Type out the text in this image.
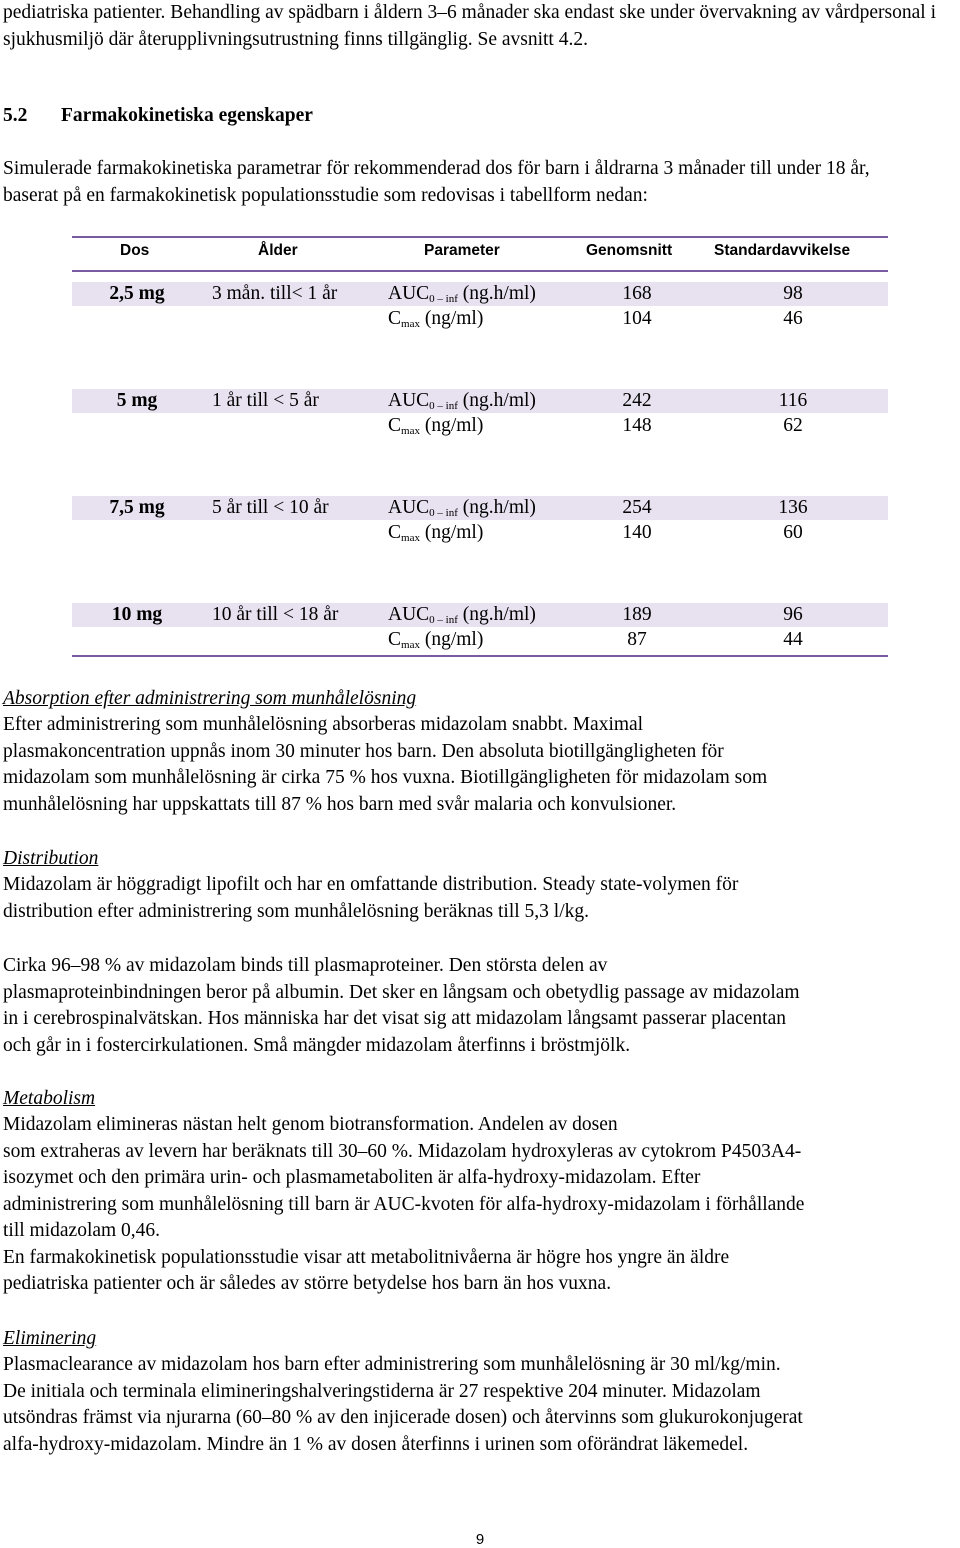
pediatriska patienter. Behandling av spädbarn i åldern 3–6 månader ska endast ske under övervakning av vårdpersonal i sjukhusmiljö där återupplivningsutrustning finns tillgänglig. Se avsnitt 4.2.

5.2 Farmakokinetiska egenskaper

Simulerade farmakokinetiska parametrar för rekommenderad dos för barn i åldrarna 3 månader till under 18 år, baserat på en farmakokinetisk populationsstudie som redovisas i tabellform nedan:

Dos	Ålder	Parameter	Genomsnitt	Standardavvikelse
2,5 mg	3 mån. till< 1 år	$AUC_{0 - inf}$ (ng.h/ml)	168	98
$C_{max}$ (ng/ml)	104	46
5 mg	1 år till < 5 år	$AUC_{0 - inf}$ (ng.h/ml)	242	116
$C_{max}$ (ng/ml)	148	62
7,5 mg	5 år till < 10 år	$AUC_{0 - inf}$ (ng.h/ml)	254	136
$C_{max}$ (ng/ml)	140	60
10 mg	10 år till < 18 år	$AUC_{0 - inf}$ (ng.h/ml)	189	96
$C_{max}$ (ng/ml)	87	44
Absorption efter administrering som munhålelösning
Efter administrering som munhålelösning absorberas midazolam snabbt. Maximal
plasmakoncentration uppnås inom 30 minuter hos barn. Den absoluta biotillgängligheten för
midazolam som munhålelösning är cirka 75 % hos vuxna. Biotillgängligheten för midazolam som
munhålelösning har uppskattats till 87 % hos barn med svår malaria och konvulsioner.
Distribution
Midazolam är höggradigt lipofilt och har en omfattande distribution. Steady state-volymen för
distribution efter administrering som munhålelösning beräknas till 5,3 l/kg.
Cirka 96–98 % av midazolam binds till plasmaproteiner. Den största delen av
plasmaproteinbindningen beror på albumin. Det sker en långsam och obetydlig passage av midazolam
in i cerebrospinalvätskan. Hos människa har det visat sig att midazolam långsamt passerar placentan
och går in i fostercirkulationen. Små mängder midazolam återfinns i bröstmjölk.
Metabolism
Midazolam elimineras nästan helt genom biotransformation. Andelen av dosen
som extraheras av levern har beräknats till 30–60 %. Midazolam hydroxyleras av cytokrom P4503A4-
isozymet och den primära urin- och plasmametaboliten är alfa-hydroxy-midazolam. Efter
administrering som munhålelösning till barn är AUC-kvoten för alfa-hydroxy-midazolam i förhållande
till midazolam 0,46.
En farmakokinetisk populationsstudie visar att metabolitnivåerna är högre hos yngre än äldre
pediatriska patienter och är således av större betydelse hos barn än hos vuxna.
Eliminering
Plasmaclearance av midazolam hos barn efter administrering som munhålelösning är 30 ml/kg/min.
De initiala och terminala elimineringshalveringstiderna är 27 respektive 204 minuter. Midazolam
utsöndras främst via njurarna (60–80 % av den injicerade dosen) och återvinns som glukurokonjugerat
alfa-hydroxy-midazolam. Mindre än 1 % av dosen återfinns i urinen som oförändrat läkemedel.
9
